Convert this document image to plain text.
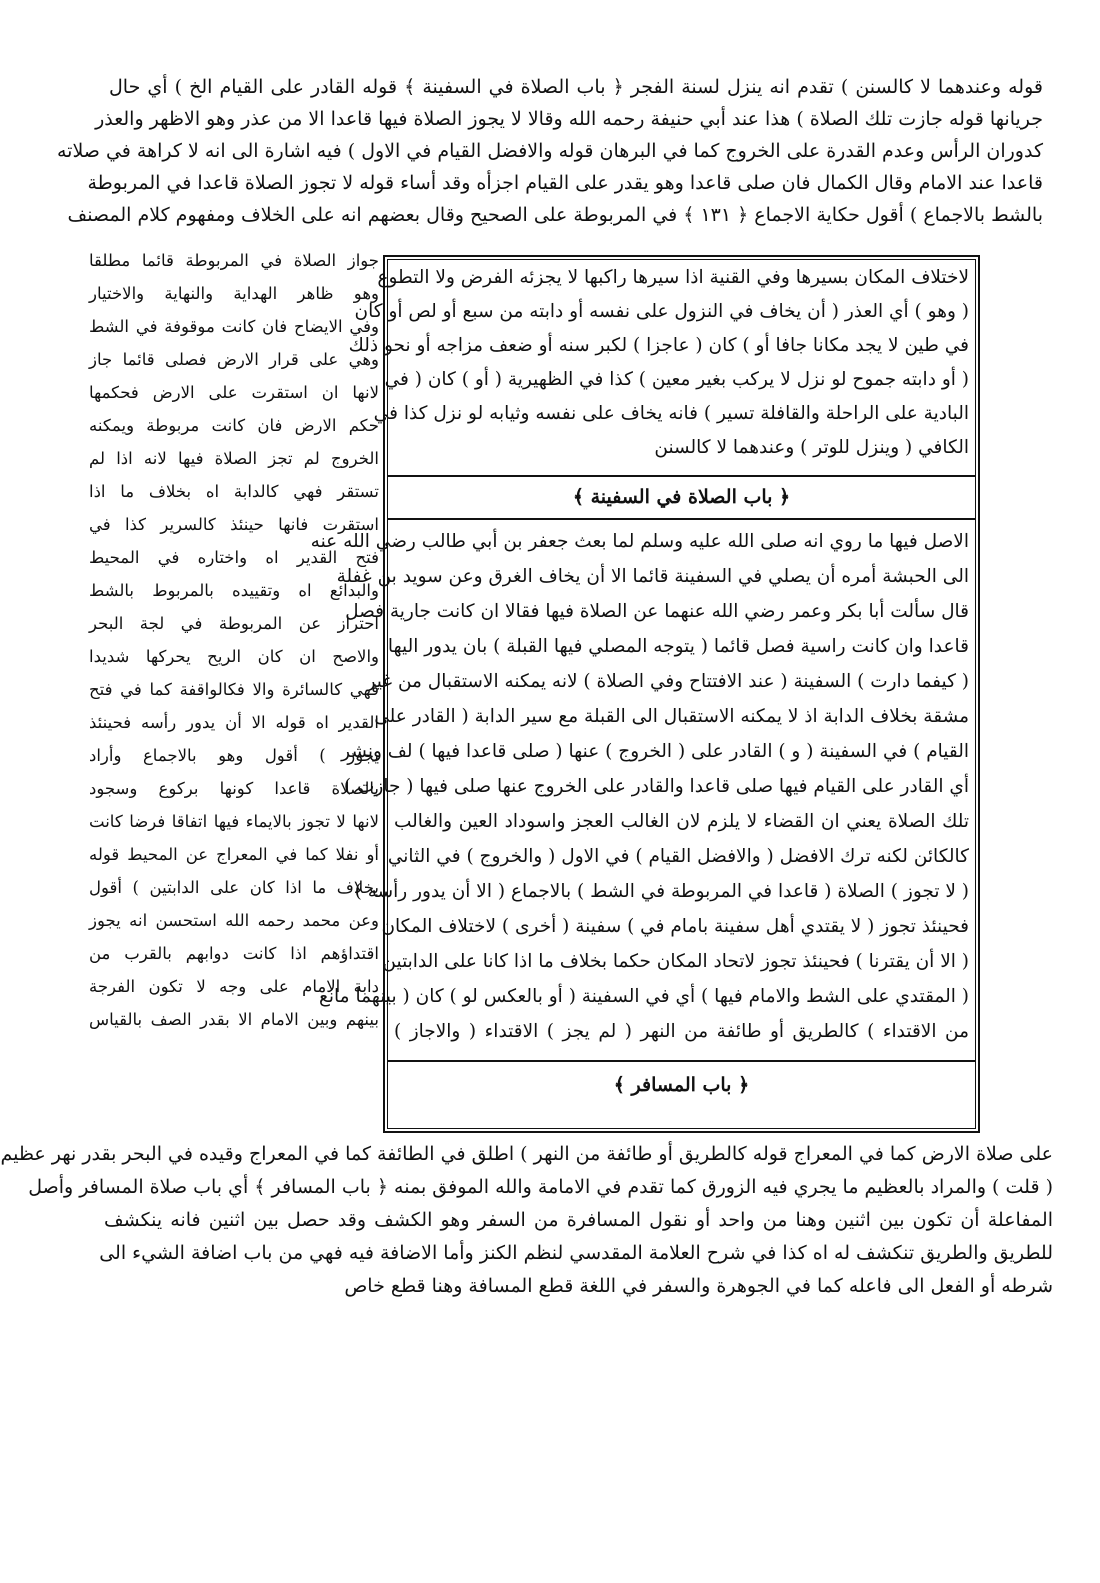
قوله وعندهما لا كالسنن ) تقدم انه ينزل لسنة الفجر ﴿ باب الصلاة في السفينة ﴾ قوله القادر على القيام الخ ) أي حال
جريانها قوله جازت تلك الصلاة ) هذا عند أبي حنيفة رحمه الله وقالا لا يجوز الصلاة فيها قاعدا الا من عذر وهو الاظهر والعذر
كدوران الرأس وعدم القدرة على الخروج كما في البرهان قوله والافضل القيام في الاول ) فيه اشارة الى انه لا كراهة في صلاته
قاعدا عند الامام وقال الكمال فان صلى قاعدا وهو يقدر على القيام اجزأه وقد أساء قوله لا تجوز الصلاة قاعدا في المربوطة
بالشط بالاجماع ) أقول حكاية الاجماع ﴿ ١٣١ ﴾ في المربوطة على الصحيح وقال بعضهم انه على الخلاف ومفهوم كلام المصنف
جواز الصلاة في المربوطة قائما مطلقا
وهو ظاهر الهداية والنهاية والاختيار
وفي الايضاح فان كانت موقوفة في الشط
وهي على قرار الارض فصلى قائما جاز
لانها ان استقرت على الارض فحكمها
حكم الارض فان كانت مربوطة ويمكنه
الخروج لم تجز الصلاة فيها لانه اذا لم
تستقر فهي كالدابة اه بخلاف ما اذا
استقرت فانها حينئذ كالسرير كذا في
فتح القدير اه واختاره في المحيط
والبدائع اه وتقييده بالمربوط بالشط
احتراز عن المربوطة في لجة البحر
والاصح ان كان الريح يحركها شديدا
فهي كالسائرة والا فكالواقفة كما في فتح
القدير اه قوله الا أن يدور رأسه فحينئذ
يجوز ) أقول وهو بالاجماع وأراد
بالصلاة قاعدا كونها بركوع وسجود
لانها لا تجوز بالايماء فيها اتفاقا فرضا كانت
أو نفلا كما في المعراج عن المحيط قوله
بخلاف ما اذا كان على الدابتين ) أقول
وعن محمد رحمه الله استحسن انه يجوز
اقتداؤهم اذا كانت دوابهم بالقرب من
دابة الامام على وجه لا تكون الفرجة
بينهم وبين الامام الا بقدر الصف بالقياس
لاختلاف المكان بسيرها وفي القنية اذا سيرها راكبها لا يجزئه الفرض ولا التطوع
( وهو ) أي العذر ( أن يخاف في النزول على نفسه أو دابته من سبع أو لص أو كان
في طين لا يجد مكانا جافا أو ) كان ( عاجزا ) لكبر سنه أو ضعف مزاجه أو نحو ذلك
( أو دابته جموح لو نزل لا يركب بغير معين ) كذا في الظهيرية ( أو ) كان ( في
البادية على الراحلة والقافلة تسير ) فانه يخاف على نفسه وثيابه لو نزل كذا في
الكافي ( وينزل للوتر ) وعندهما لا كالسنن
﴿ باب الصلاة في السفينة ﴾
الاصل فيها ما روي انه صلى الله عليه وسلم لما بعث جعفر بن أبي طالب رضي الله عنه
الى الحبشة أمره أن يصلي في السفينة قائما الا أن يخاف الغرق وعن سويد بن غفلة
قال سألت أبا بكر وعمر رضي الله عنهما عن الصلاة فيها فقالا ان كانت جارية فصل
قاعدا وان كانت راسية فصل قائما ( يتوجه المصلي فيها القبلة ) بان يدور اليها
( كيفما دارت ) السفينة ( عند الافتتاح وفي الصلاة ) لانه يمكنه الاستقبال من غير
مشقة بخلاف الدابة اذ لا يمكنه الاستقبال الى القبلة مع سير الدابة ( القادر على
القيام ) في السفينة ( و ) القادر على ( الخروج ) عنها ( صلى قاعدا فيها ) لف ونشر
أي القادر على القيام فيها صلى قاعدا والقادر على الخروج عنها صلى فيها ( جازت )
تلك الصلاة يعني ان القضاء لا يلزم لان الغالب العجز واسوداد العين والغالب
كالكائن لكنه ترك الافضل ( والافضل القيام ) في الاول ( والخروج ) في الثاني
( لا تجوز ) الصلاة ( قاعدا في المربوطة في الشط ) بالاجماع ( الا أن يدور رأسه )
فحينئذ تجوز ( لا يقتدي أهل سفينة بامام في ) سفينة ( أخرى ) لاختلاف المكان
( الا أن يقترنا ) فحينئذ تجوز لاتحاد المكان حكما بخلاف ما اذا كانا على الدابتين
( المقتدي على الشط والامام فيها ) أي في السفينة ( أو بالعكس لو ) كان ( بينهما مانع
من الاقتداء ) كالطريق أو طائفة من النهر ( لم يجز ) الاقتداء ( والاجاز )
﴿ باب المسافر ﴾
على صلاة الارض كما في المعراج قوله كالطريق أو طائفة من النهر ) اطلق في الطائفة كما في المعراج وقيده في البحر بقدر نهر عظيم
( قلت ) والمراد بالعظيم ما يجري فيه الزورق كما تقدم في الامامة والله الموفق بمنه ﴿ باب المسافر ﴾ أي باب صلاة المسافر وأصل
المفاعلة أن تكون بين اثنين وهنا من واحد أو نقول المسافرة من السفر وهو الكشف وقد حصل بين اثنين فانه ينكشف
للطريق والطريق تنكشف له اه كذا في شرح العلامة المقدسي لنظم الكنز وأما الاضافة فيه فهي من باب اضافة الشيء الى
شرطه أو الفعل الى فاعله كما في الجوهرة والسفر في اللغة قطع المسافة وهنا قطع خاص
